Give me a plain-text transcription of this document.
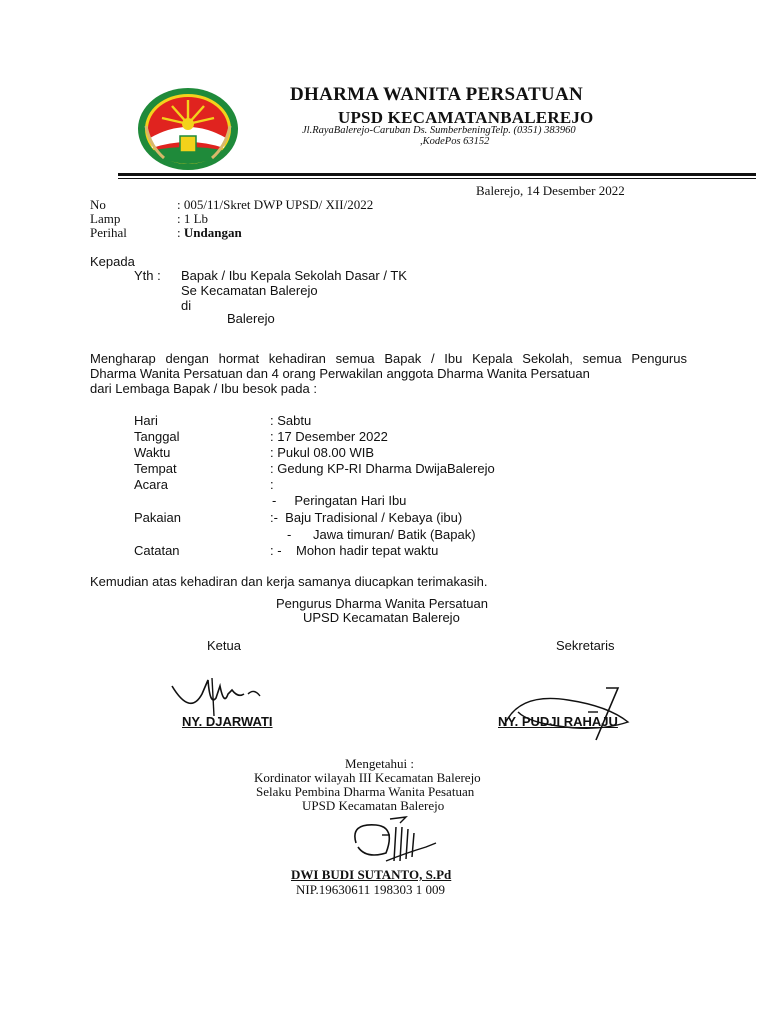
DHARMA WANITA PERSATUAN
UPSD KECAMATANBALEREJO
Jl.RayaBalerejo-Caruban Ds. SumberbeningTelp. (0351) 383960
,KodePos 63152
Balerejo, 14 Desember 2022
No	: 005/11/Skret DWP UPSD/ XII/2022
Lamp	: 1 Lb
Perihal	: Undangan
Kepada
Yth : Bapak / Ibu Kepala Sekolah Dasar / TK
Se Kecamatan Balerejo
di
Balerejo
Mengharap dengan hormat kehadiran semua Bapak / Ibu Kepala Sekolah, semua Pengurus
Dharma Wanita Persatuan dan 4 orang Perwakilan anggota Dharma Wanita Persatuan
dari Lembaga Bapak / Ibu besok pada :
Hari	: Sabtu
Tanggal	: 17 Desember 2022
Waktu	: Pukul 08.00 WIB
Tempat	: Gedung KP-RI Dharma DwijaBalerejo
Acara	:
-     Peringatan Hari Ibu
Pakaian	:-  Baju Tradisional / Kebaya (ibu)
-      Jawa timuran/ Batik (Bapak)
Catatan	: -    Mohon hadir tepat waktu
Kemudian atas kehadiran dan kerja samanya diucapkan terimakasih.
Pengurus Dharma Wanita Persatuan
UPSD Kecamatan Balerejo
Ketua	Sekretaris
NY. DJARWATI	NY. PUDJI RAHAJU
Mengetahui :
Kordinator wilayah III Kecamatan Balerejo
Selaku Pembina Dharma Wanita Pesatuan
UPSD Kecamatan Balerejo
DWI BUDI SUTANTO, S.Pd
NIP.19630611 198303 1 009
